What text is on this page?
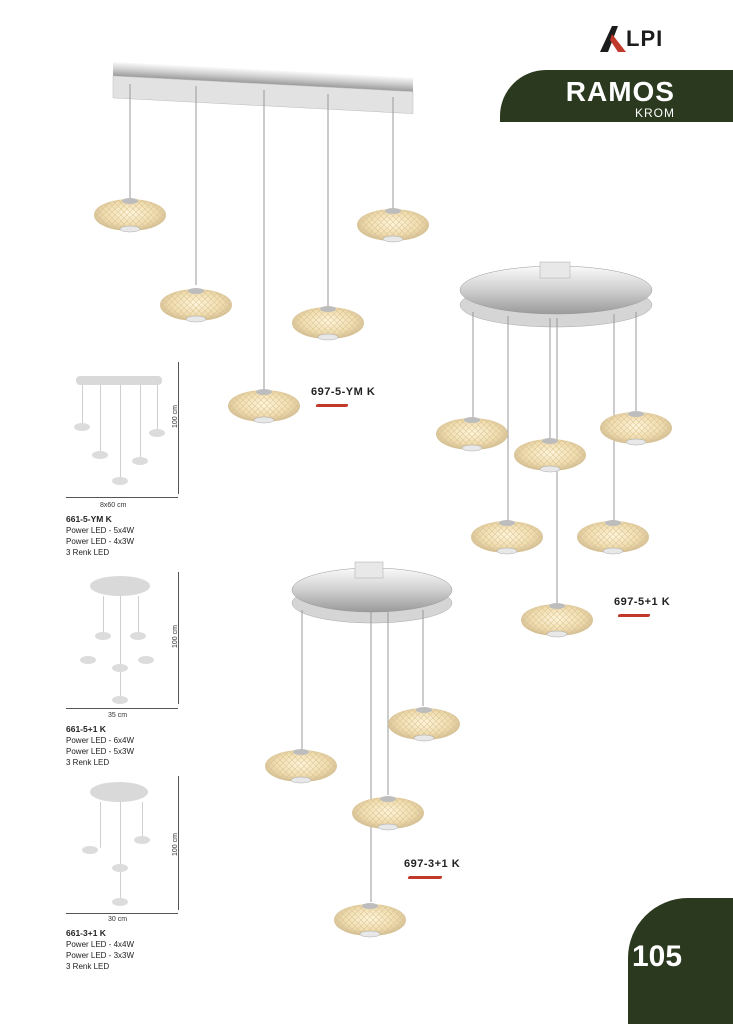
LPI
RAMOS
KROM
105
697-5-YM K
697-5+1 K
697-3+1 K
100 cm
8x60 cm
661-5-YM K
Power LED - 5x4W
Power LED - 4x3W
3 Renk LED
100 cm
35 cm
661-5+1 K
Power LED - 6x4W
Power LED - 5x3W
3 Renk LED
100 cm
30 cm
661-3+1 K
Power LED - 4x4W
Power LED - 3x3W
3 Renk LED
